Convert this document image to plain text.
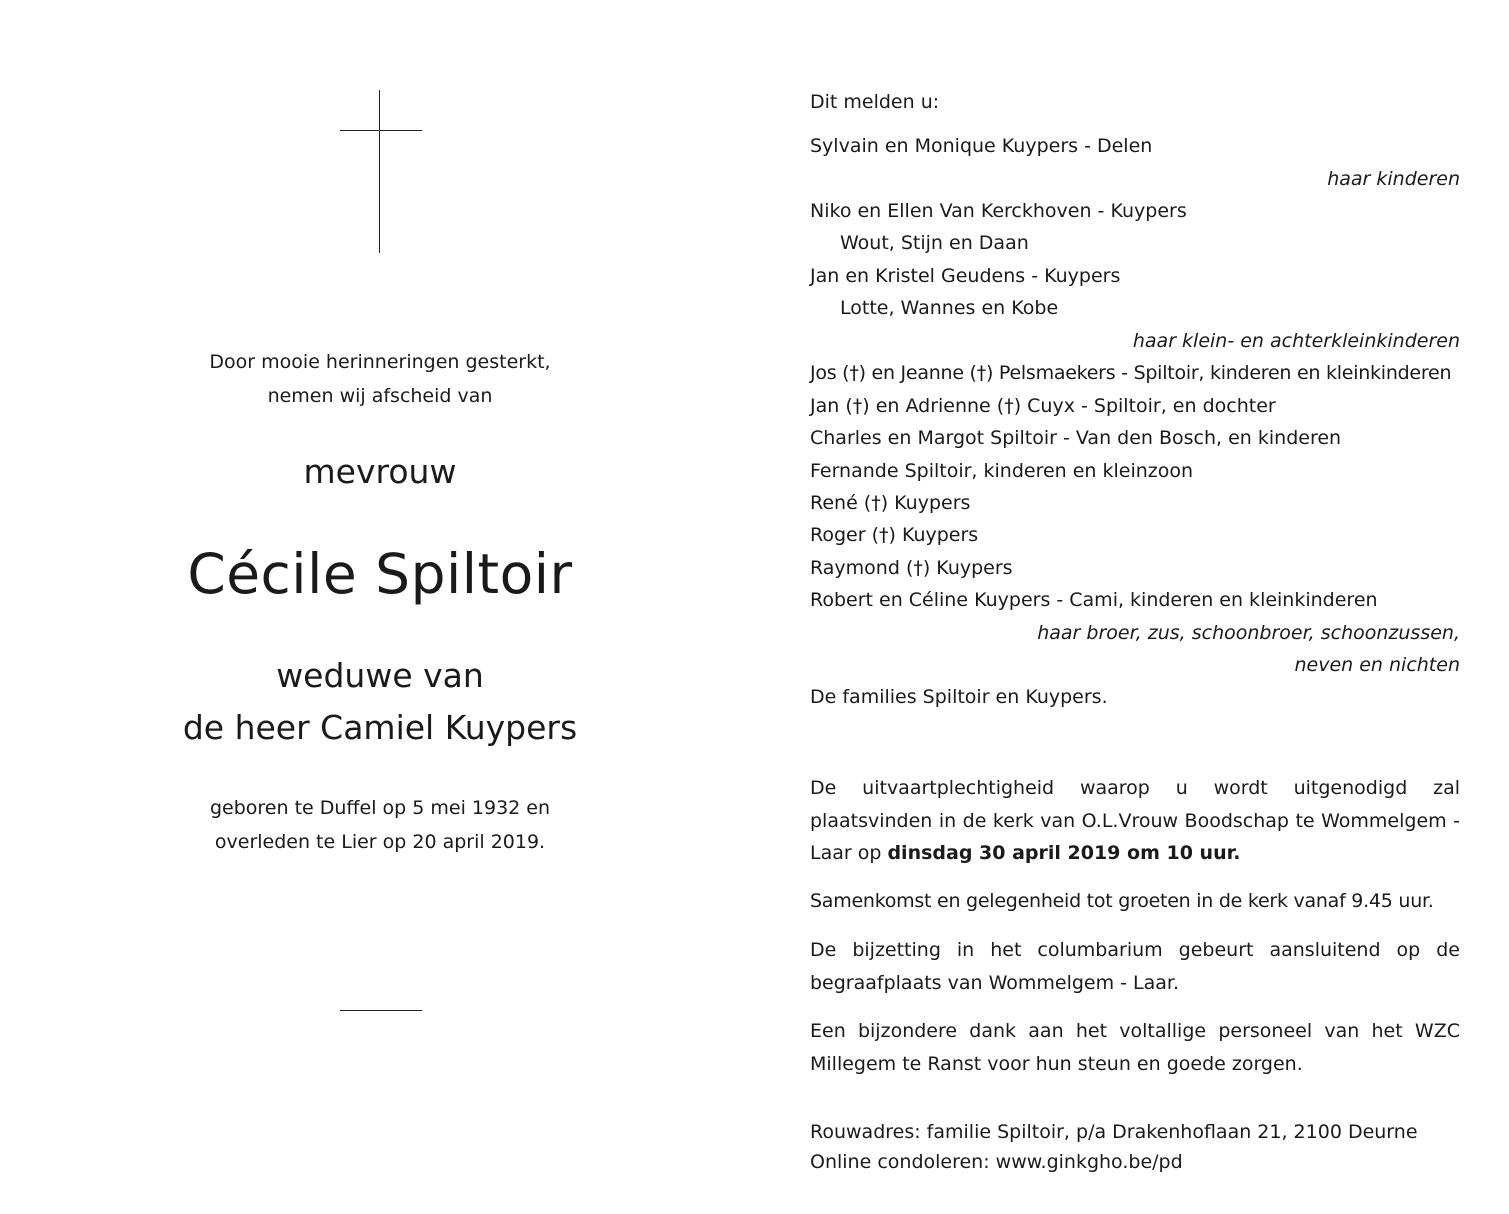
Door mooie herinneringen gesterkt,
nemen wij afscheid van
mevrouw
Cécile Spiltoir
weduwe van
de heer Camiel Kuypers
geboren te Duffel op 5 mei 1932 en
overleden te Lier op 20 april 2019.
Dit melden u:
Sylvain en Monique Kuypers - Delen
haar kinderen
Niko en Ellen Van Kerckhoven - Kuypers
Wout, Stijn en Daan
Jan en Kristel Geudens - Kuypers
Lotte, Wannes en Kobe
haar klein- en achterkleinkinderen
Jos (†) en Jeanne (†) Pelsmaekers - Spiltoir, kinderen en kleinkinderen
Jan (†) en Adrienne (†) Cuyx - Spiltoir, en dochter
Charles en Margot Spiltoir - Van den Bosch, en kinderen
Fernande Spiltoir, kinderen en kleinzoon
René (†) Kuypers
Roger (†) Kuypers
Raymond (†) Kuypers
Robert en Céline Kuypers - Cami, kinderen en kleinkinderen
haar broer, zus, schoonbroer, schoonzussen,
neven en nichten
De families Spiltoir en Kuypers.
De uitvaartplechtigheid waarop u wordt uitgenodigd zal plaatsvinden in de kerk van O.L.Vrouw Boodschap te Wommelgem - Laar op dinsdag 30 april 2019 om 10 uur.
Samenkomst en gelegenheid tot groeten in de kerk vanaf 9.45 uur.
De bijzetting in het columbarium gebeurt aansluitend op de begraafplaats van Wommelgem - Laar.
Een bijzondere dank aan het voltallige personeel van het WZC Millegem te Ranst voor hun steun en goede zorgen.
Rouwadres: familie Spiltoir, p/a Drakenhoflaan 21, 2100 Deurne
Online condoleren: www.ginkgho.be/pd
